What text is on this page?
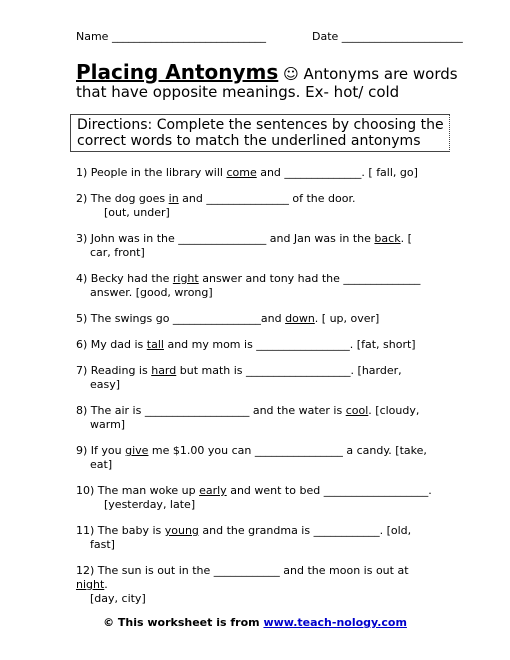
Name ____________________________	Date ______________________
Placing Antonyms ☺ Antonyms are words
that have opposite meanings. Ex- hot/ cold
Directions: Complete the sentences by choosing the
correct words to match the underlined antonyms
1) People in the library will come and ______________. [ fall, go]
2) The dog goes in and _______________ of the door.
[out, under]
3) John was in the ________________ and Jan was in the back. [
car, front]
4) Becky had the right answer and tony had the ______________
answer. [good, wrong]
5) The swings go ________________and down. [ up, over]
6) My dad is tall and my mom is _________________. [fat, short]
7) Reading is hard but math is ___________________. [harder,
easy]
8) The air is ___________________ and the water is cool. [cloudy,
warm]
9) If you give me $1.00 you can ________________ a candy. [take,
eat]
10) The man woke up early and went to bed ___________________.
[yesterday, late]
11) The baby is young and the grandma is ____________. [old,
fast]
12) The sun is out in the ____________ and the moon is out at night.
[day, city]
© This worksheet is from www.teach-nology.com
